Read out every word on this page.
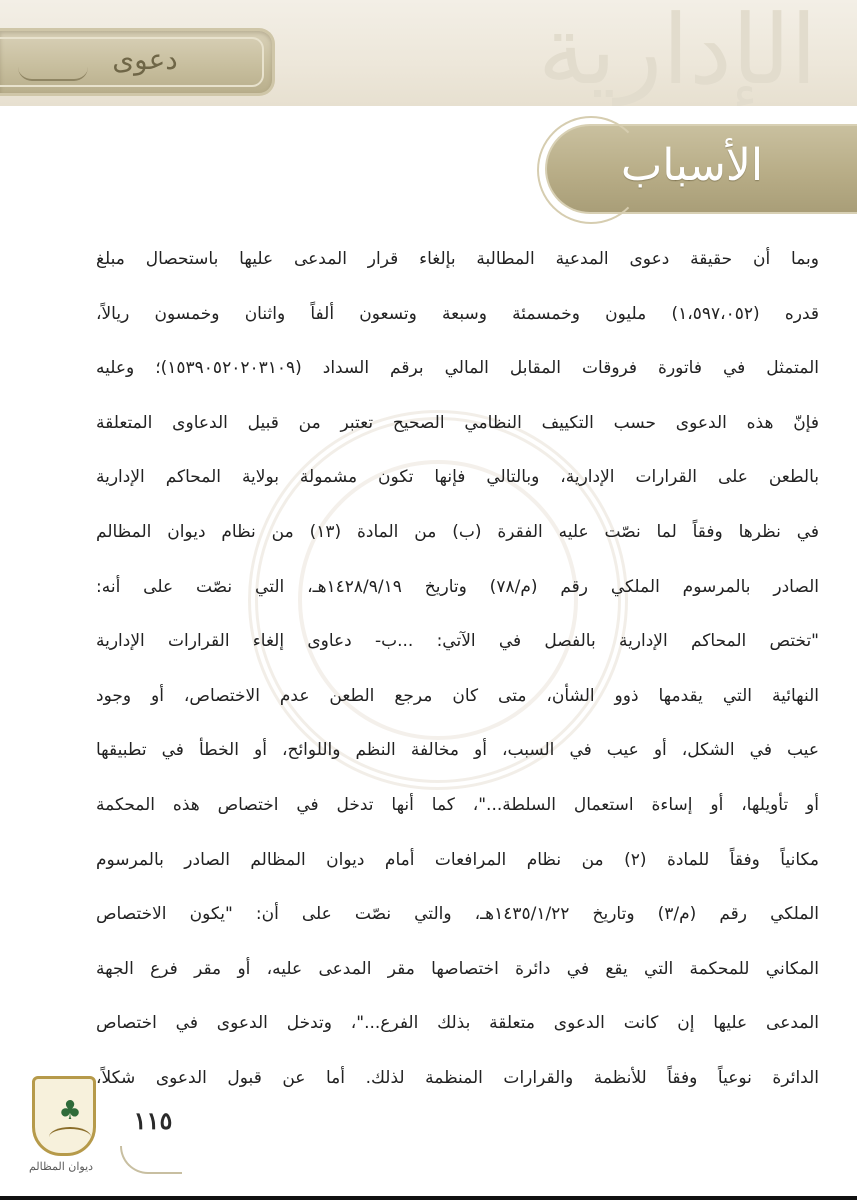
الإدارية
دعوى
الأسباب
وبما أن حقيقة دعوى المدعية المطالبة بإلغاء قرار المدعى عليها باستحصال مبلغ
قدره (١،٥٩٧،٠٥٢) مليون وخمسمئة وسبعة وتسعون ألفاً واثنان وخمسون ريالاً،
المتمثل في فاتورة فروقات المقابل المالي برقم السداد (١٥٣٩٠٥٢٠٢٠٣١٠٩)؛ وعليه
فإنّ هذه الدعوى حسب التكييف النظامي الصحيح تعتبر من قبيل الدعاوى المتعلقة
بالطعن على القرارات الإدارية، وبالتالي فإنها تكون مشمولة بولاية المحاكم الإدارية
في نظرها وفقاً لما نصّت عليه الفقرة (ب) من المادة (١٣) من نظام ديوان المظالم
الصادر بالمرسوم الملكي رقم (م/٧٨) وتاريخ ١٤٢٨/٩/١٩هـ، التي نصّت على أنه:
"تختص المحاكم الإدارية بالفصل في الآتي: ...ب- دعاوى إلغاء القرارات الإدارية
النهائية التي يقدمها ذوو الشأن، متى كان مرجع الطعن عدم الاختصاص، أو وجود
عيب في الشكل، أو عيب في السبب، أو مخالفة النظم واللوائح، أو الخطأ في تطبيقها
أو تأويلها، أو إساءة استعمال السلطة..."، كما أنها تدخل في اختصاص هذه المحكمة
مكانياً وفقاً للمادة (٢) من نظام المرافعات أمام ديوان المظالم الصادر بالمرسوم
الملكي رقم (م/٣) وتاريخ ١٤٣٥/١/٢٢هـ، والتي نصّت على أن: "يكون الاختصاص
المكاني للمحكمة التي يقع في دائرة اختصاصها مقر المدعى عليه، أو مقر فرع الجهة
المدعى عليها إن كانت الدعوى متعلقة بذلك الفرع..."، وتدخل الدعوى في اختصاص
الدائرة نوعياً وفقاً للأنظمة والقرارات المنظمة لذلك. أما عن قبول الدعوى شكلاً،
♣
ديوان المظالم
١١٥
